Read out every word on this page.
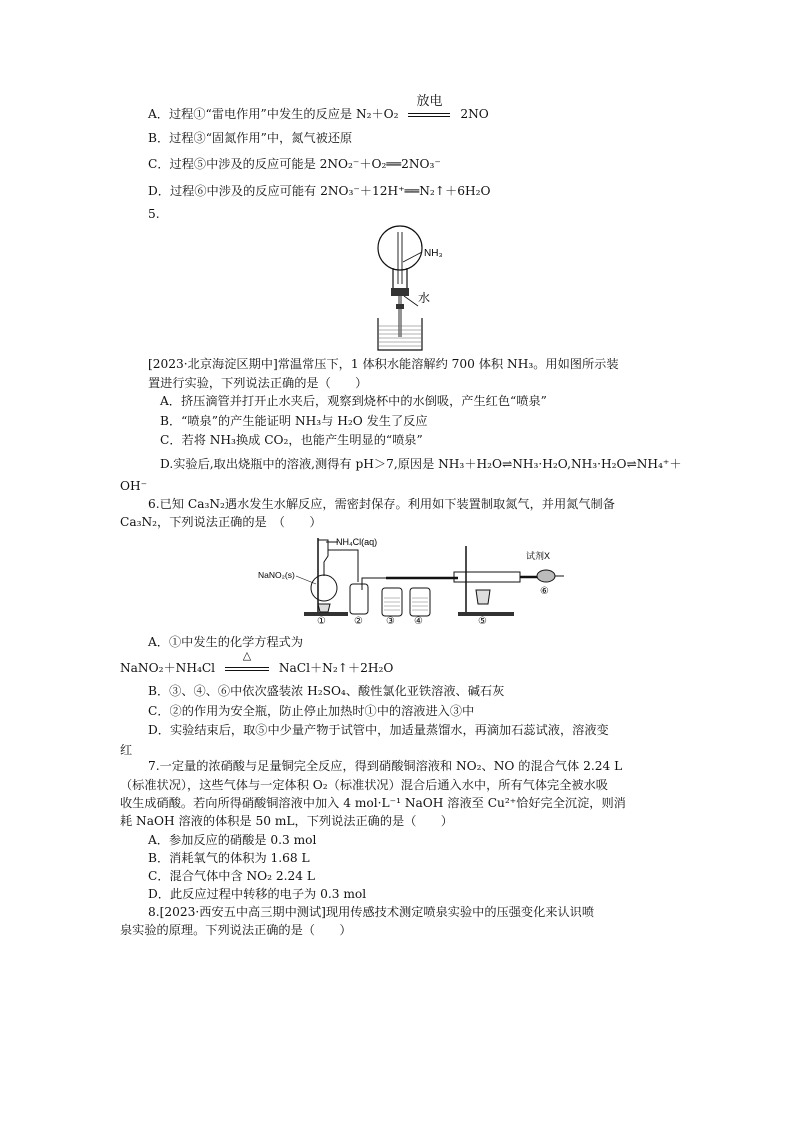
A．过程①“雷电作用”中发生的反应是 N₂＋O₂
放电
2NO
B．过程③“固氮作用”中，氮气被还原
C．过程⑤中涉及的反应可能是 2NO₂⁻＋O₂══2NO₃⁻
D．过程⑥中涉及的反应可能有 2NO₃⁻＋12H⁺══N₂↑＋6H₂O
5.
NH₃
水
[2023·北京海淀区期中]常温常压下，1 体积水能溶解约 700 体积 NH₃。用如图所示装
置进行实验，下列说法正确的是（　　）
A．挤压滴管并打开止水夹后，观察到烧杯中的水倒吸，产生红色“喷泉”
B．“喷泉”的产生能证明 NH₃与 H₂O 发生了反应
C．若将 NH₃换成 CO₂，也能产生明显的“喷泉”
D.实验后,取出烧瓶中的溶液,测得有 pH＞7,原因是 NH₃＋H₂O⇌NH₃·H₂O,NH₃·H₂O⇌NH₄⁺＋
OH⁻
6.已知 Ca₃N₂遇水发生水解反应，需密封保存。利用如下装置制取氮气，并用氮气制备
Ca₃N₂，下列说法正确的是　（　　）
NH₄Cl(aq)
NaNO₂(s)
试剂X
①	② ③ ④	⑤
⑥
A．①中发生的化学方程式为
NaNO₂＋NH₄Cl
△
NaCl＋N₂↑＋2H₂O
B．③、④、⑥中依次盛装浓 H₂SO₄、酸性氯化亚铁溶液、碱石灰
C．②的作用为安全瓶，防止停止加热时①中的溶液进入③中
D．实验结束后，取⑤中少量产物于试管中，加适量蒸馏水，再滴加石蕊试液，溶液变
红
7.一定量的浓硝酸与足量铜完全反应，得到硝酸铜溶液和 NO₂、NO 的混合气体 2.24 L
（标准状况），这些气体与一定体积 O₂（标准状况）混合后通入水中，所有气体完全被水吸
收生成硝酸。若向所得硝酸铜溶液中加入 4 mol·L⁻¹ NaOH 溶液至 Cu²⁺恰好完全沉淀，则消
耗 NaOH 溶液的体积是 50 mL，下列说法正确的是（　　）
A．参加反应的硝酸是 0.3 mol
B．消耗氧气的体积为 1.68 L
C．混合气体中含 NO₂ 2.24 L
D．此反应过程中转移的电子为 0.3 mol
8.[2023·西安五中高三期中测试]现用传感技术测定喷泉实验中的压强变化来认识喷
泉实验的原理。下列说法正确的是（　　）
